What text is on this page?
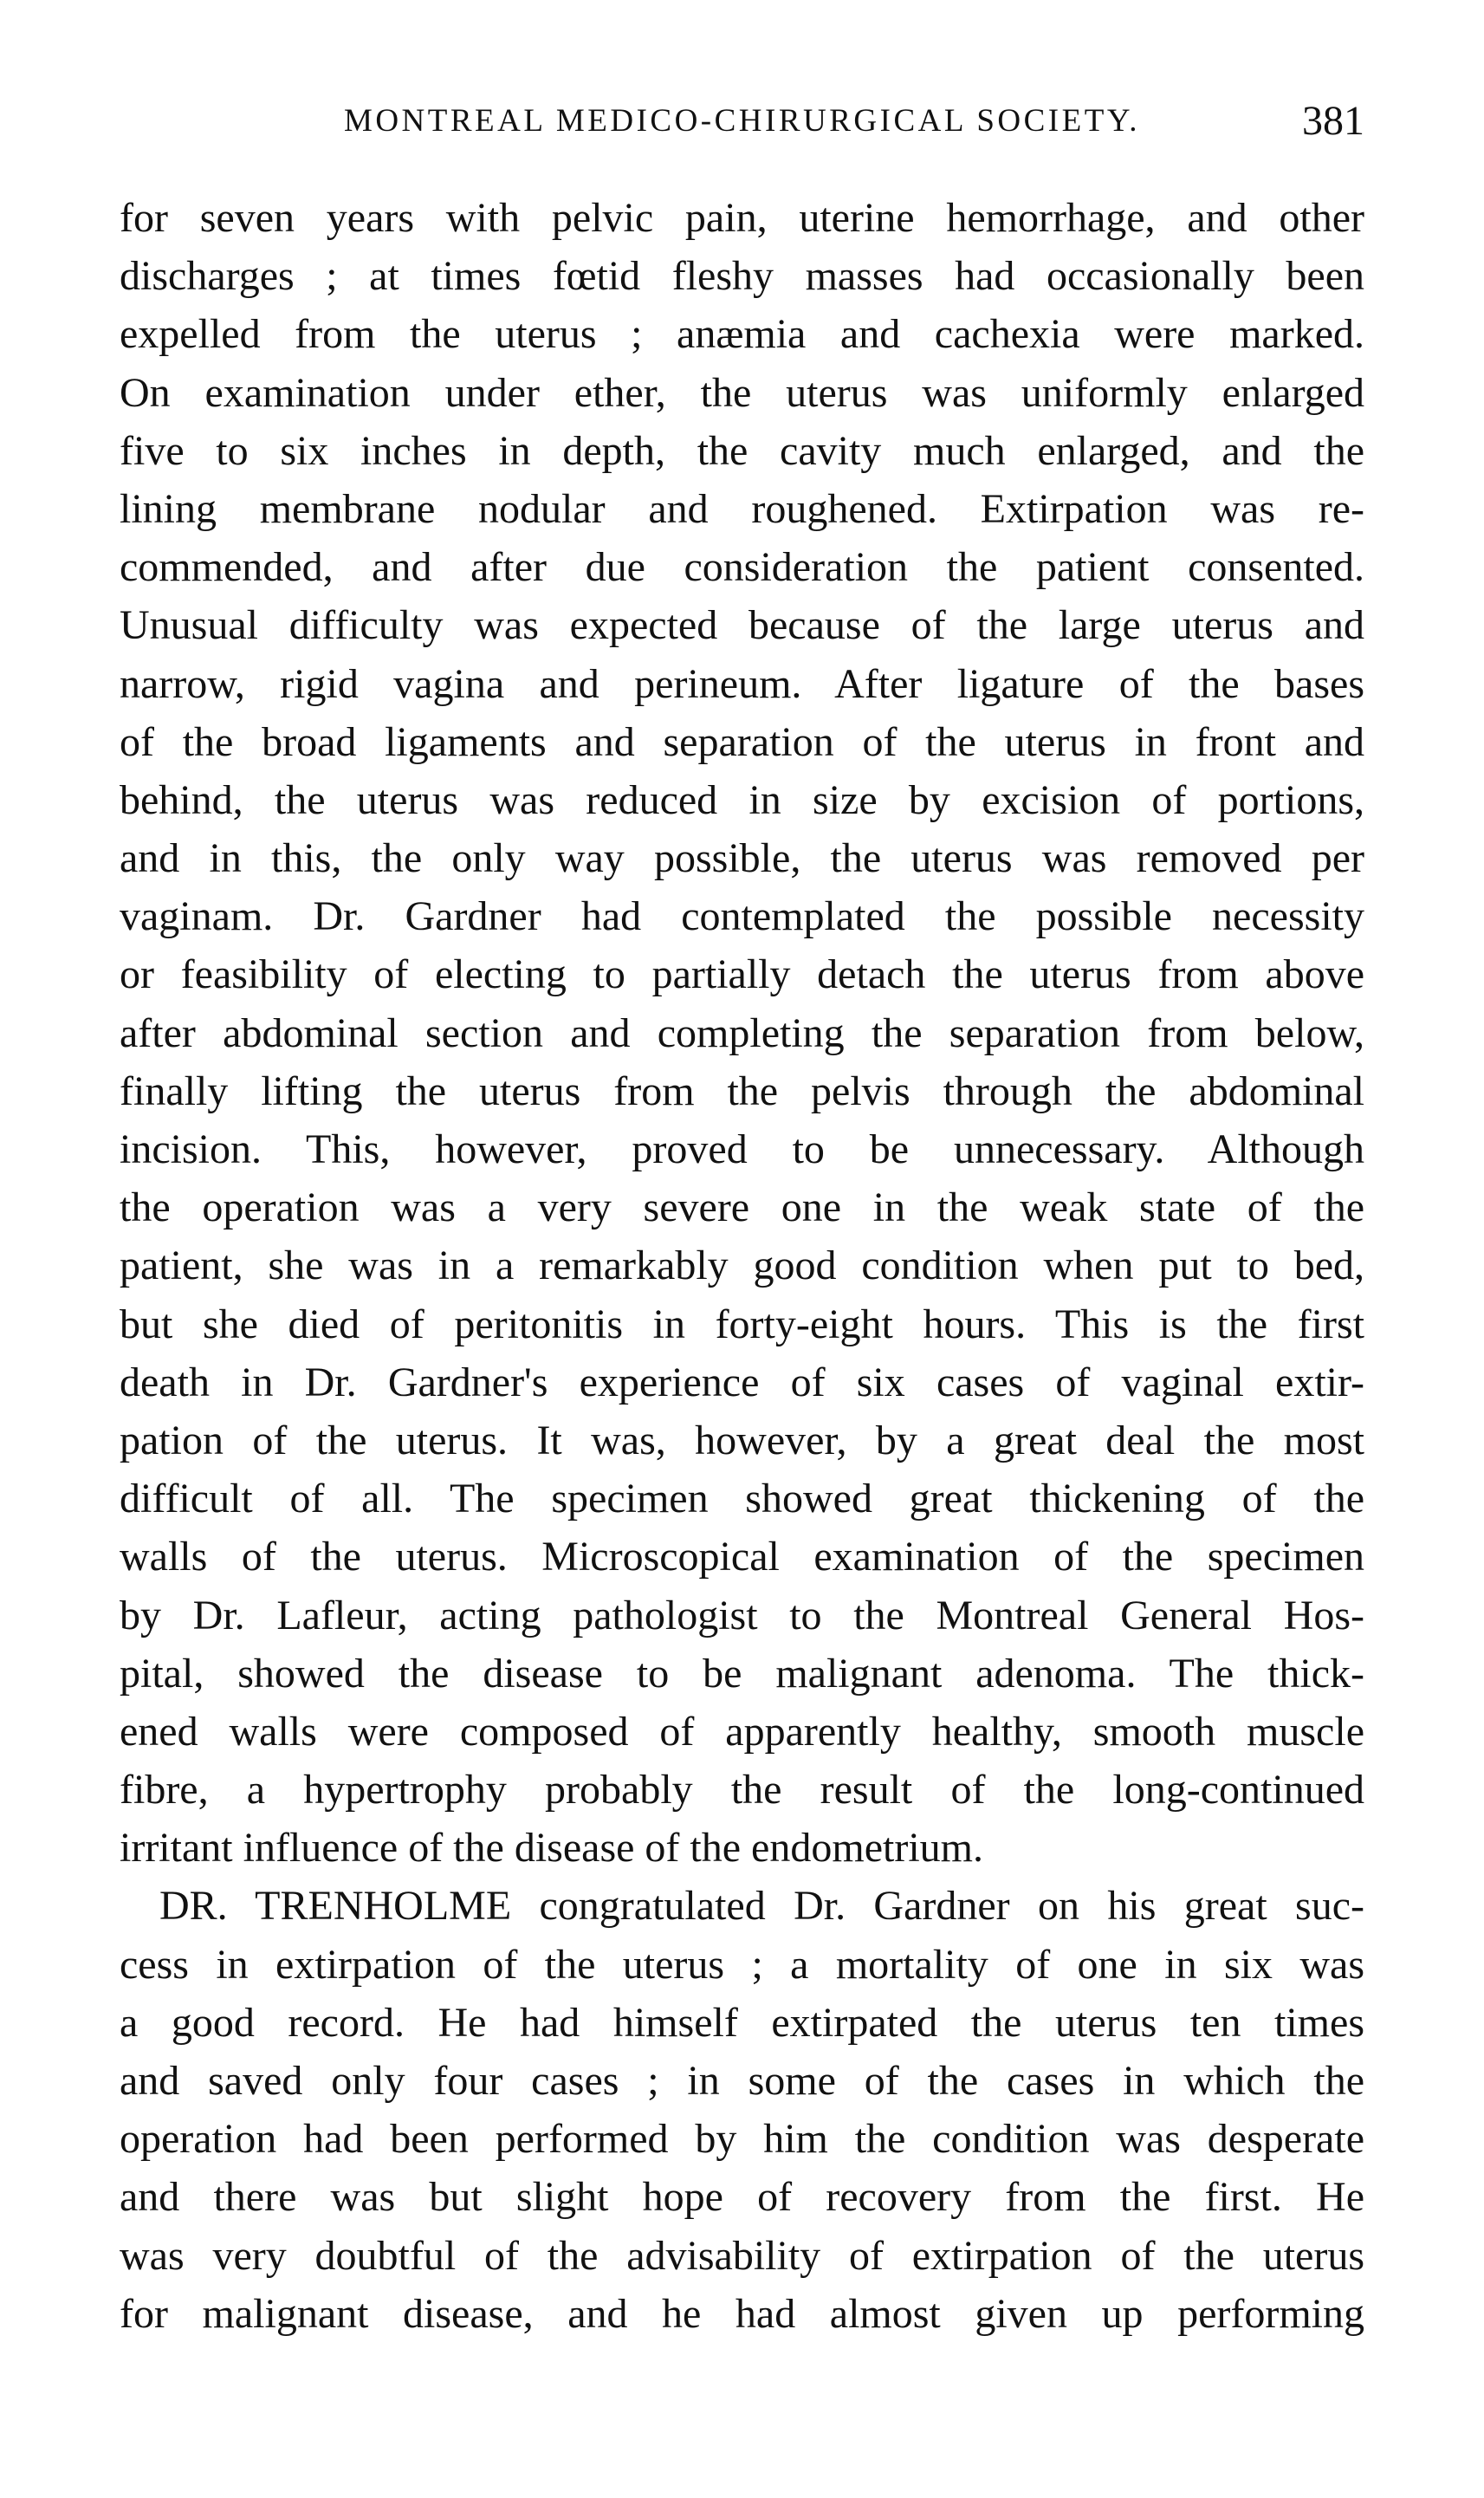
MONTREAL MEDICO-CHIRURGICAL SOCIETY.	381
for seven years with pelvic pain, uterine hemorrhage, and other
discharges ; at times fœtid fleshy masses had occasionally been
expelled from the uterus ; anæmia and cachexia were marked.
On examination under ether, the uterus was uniformly enlarged
five to six inches in depth, the cavity much enlarged, and the
lining membrane nodular and roughened. Extirpation was re-
commended, and after due consideration the patient consented.
Unusual difficulty was expected because of the large uterus and
narrow, rigid vagina and perineum. After ligature of the bases
of the broad ligaments and separation of the uterus in front and
behind, the uterus was reduced in size by excision of portions,
and in this, the only way possible, the uterus was removed per
vaginam. Dr. Gardner had contemplated the possible necessity
or feasibility of electing to partially detach the uterus from above
after abdominal section and completing the separation from below,
finally lifting the uterus from the pelvis through the abdominal
incision. This, however, proved to be unnecessary. Although
the operation was a very severe one in the weak state of the
patient, she was in a remarkably good condition when put to bed,
but she died of peritonitis in forty-eight hours. This is the first
death in Dr. Gardner's experience of six cases of vaginal extir-
pation of the uterus. It was, however, by a great deal the most
difficult of all. The specimen showed great thickening of the
walls of the uterus. Microscopical examination of the specimen
by Dr. Lafleur, acting pathologist to the Montreal General Hos-
pital, showed the disease to be malignant adenoma. The thick-
ened walls were composed of apparently healthy, smooth muscle
fibre, a hypertrophy probably the result of the long-continued
irritant influence of the disease of the endometrium.
DR. TRENHOLME congratulated Dr. Gardner on his great suc-
cess in extirpation of the uterus ; a mortality of one in six was
a good record. He had himself extirpated the uterus ten times
and saved only four cases ; in some of the cases in which the
operation had been performed by him the condition was desperate
and there was but slight hope of recovery from the first. He
was very doubtful of the advisability of extirpation of the uterus
for malignant disease, and he had almost given up performing
